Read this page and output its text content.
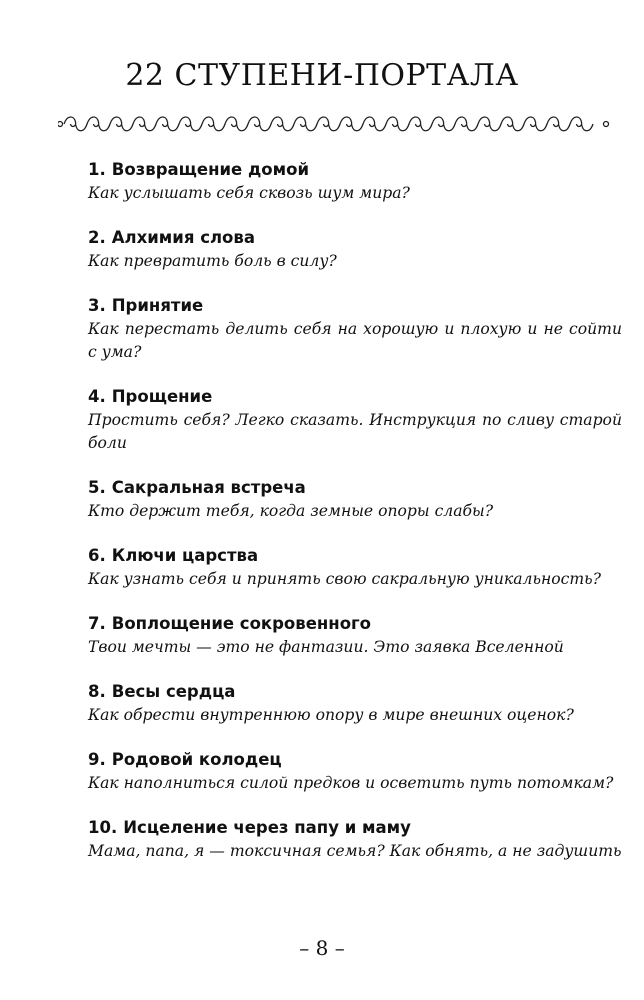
22 СТУПЕНИ-ПОРТАЛА

1. Возвращение домой

Как услышать себя сквозь шум мира?

2. Алхимия слова

Как превратить боль в силу?

3. Принятие

Как перестать делить себя на хорошую и плохую и не сойти с ума?

4. Прощение

Простить себя? Легко сказать. Инструкция по сливу старой боли

5. Сакральная встреча

Кто держит тебя, когда земные опоры слабы?

6. Ключи царства

Как узнать себя и принять свою сакральную уникальность?

7. Воплощение сокровенного

Твои мечты — это не фантазии. Это заявка Вселенной

8. Весы сердца

Как обрести внутреннюю опору в мире внешних оценок?

9. Родовой колодец

Как наполниться силой предков и осветить путь потомкам?

10. Исцеление через папу и маму

Мама, папа, я — токсичная семья? Как обнять, а не задушить

– 8 –
